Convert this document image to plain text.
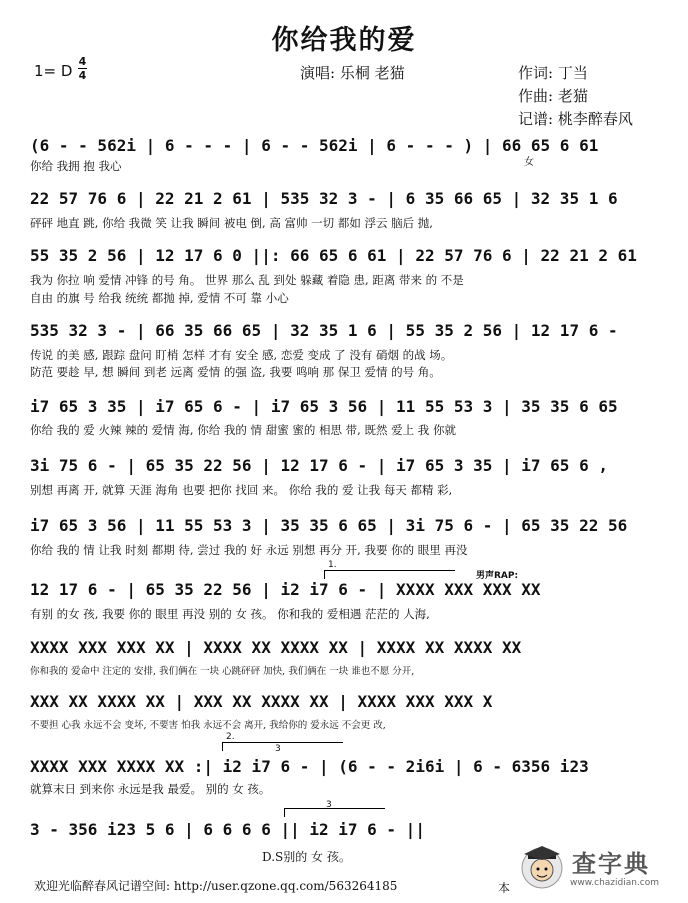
你给我的爱
1= D
4
4	演唱: 乐桐 老猫	作词: 丁当
作曲: 老猫
记谱: 桃李醉春风
女
(6 - - 562i | 6 - - - | 6 - - 562i | 6 - - - ) | 66 65 6 61
22 57 76 6 | 22 21 2 61 | 535 32 3 - | 6 35 66 65 | 32 35 1 6
55 35 2 56 | 12 17 6 0 ||: 66 65 6 61 | 22 57 76 6 | 22 21 2 61
535 32 3 - | 66 35 66 65 | 32 35 1 6 | 55 35 2 56 | 12 17 6 -
i7 65 3 35 | i7 65 6 - | i7 65 3 56 | 11 55 53 3 | 35 35 6 65
3i 75 6 - | 65 35 22 56 | 12 17 6 - | i7 65 3 35 | i7 65 6 ,
i7 65 3 56 | 11 55 53 3 | 35 35 6 65 | 3i 75 6 - | 65 35 22 56
12 17 6 - | 65 35 22 56 | i2 i7 6 - | XXXX XXX XXX XX
XXXX XXX XXX XX | XXXX XX XXXX XX | XXXX XX XXXX XX
XXX XX XXXX XX | XXX XX XXXX XX | XXXX XXX XXX X
XXXX XXX XXXX XX :| i2 i7 6 - | (6 - - 2i6i | 6 - 6356 i23
3 - 356 i23 5 6 | 6 6 6 6 || i2 i7 6 - ||
你给 我拥 抱 我心
砰砰 地直 跳, 你给 我微 笑 让我 瞬间 被电 倒, 高 富帅 一切 都如 浮云 脑后 抛,
我为 你拉 响 爱情 冲锋 的号 角。 世界 那么 乱 到处 躲藏 着隐 患, 距离 带来 的 不是
自由 的旗 号 给我 统统 都抛 掉, 爱情 不可 靠 小心
传说 的美 感, 跟踪 盘问 盯梢 怎样 才有 安全 感, 恋爱 变成 了 没有 硝烟 的战 场。
防范 要趁 早, 想 瞬间 到老 远离 爱情 的强 盗, 我要 鸣响 那 保卫 爱情 的号 角。
你给 我的 爱 火辣 辣的 爱情 海, 你给 我的 情 甜蜜 蜜的 相思 带, 既然 爱上 我 你就
别想 再离 开, 就算 天涯 海角 也要 把你 找回 来。 你给 我的 爱 让我 每天 都精 彩,
你给 我的 情 让我 时刻 都期 待, 尝过 我的 好 永远 别想 再分 开, 我要 你的 眼里 再没
有别 的女 孩, 我要 你的 眼里 再没 别的 女 孩。 你和我的 爱相遇 茫茫的 人海,
你和我的 爱命中 注定的 安排, 我们俩在 一块 心跳砰砰 加快, 我们俩在 一块 谁也不愿 分开,
不要担 心我 永远不会 变坏, 不要害 怕我 永远不会 离开, 我给你的 爱永远 不会更 改,
就算末日 到来你 永远是我 最爱。 别的 女 孩。
男声RAP:
1.
2.
3
3
D.S别的 女 孩。
欢迎光临醉春风记谱空间: http://user.qzone.qq.com/563264185	本
查字典
www.chazidian.com
